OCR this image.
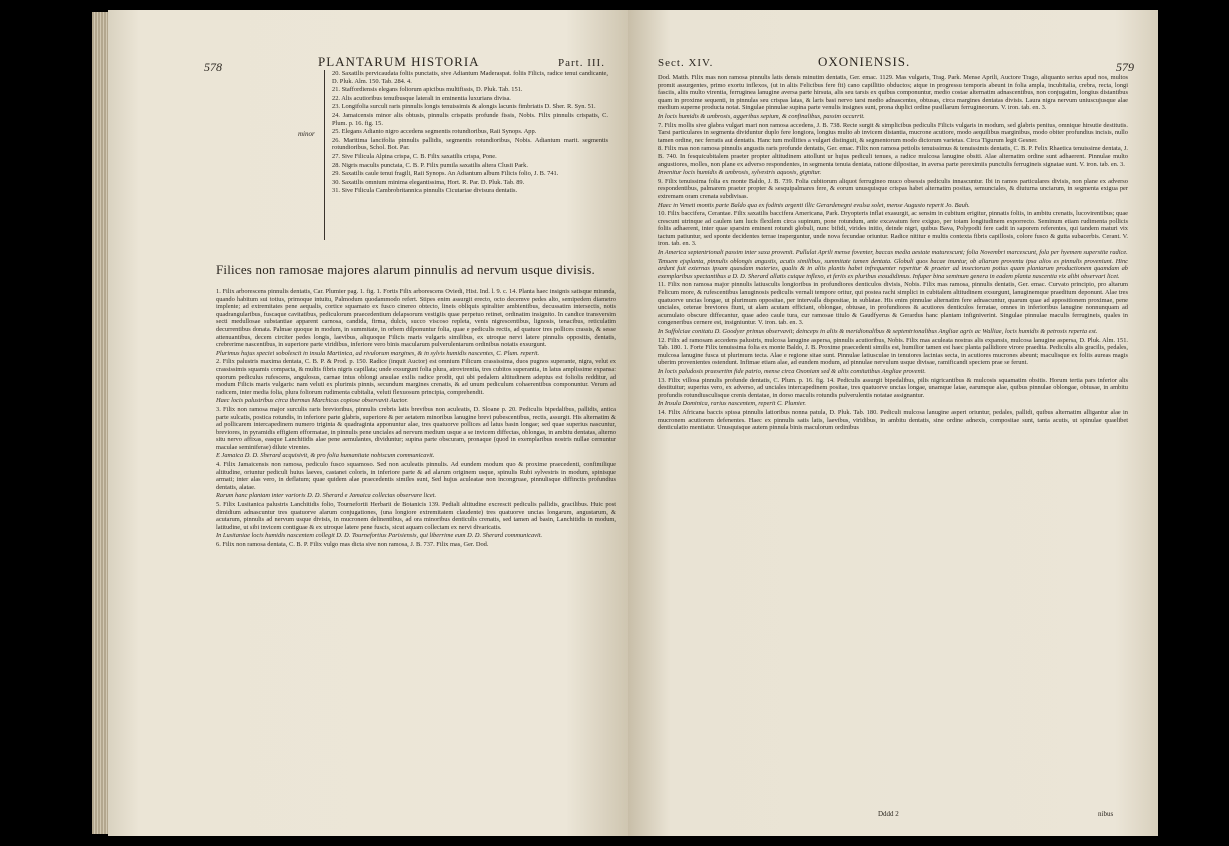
578	PLANTARUM HISTORIA	Part. III.
minor
20. Saxatilis pervicaudata foliis punctatis, sive Adiantum Maderaspat. foliis Filicis, radice tenui candicante, D. Pluk. Alm. 150. Tab. 284. 4.
21. Staffordiensis elegans foliorum apicibus multifissis, D. Pluk. Tab. 151.
22. Alis acutioribus tenuibusque laterali in eminentia luxurians divisa.
23. Longifolia surculi raris pinnulis longis tenuissimis & alongis lacunis fimbriatis D. Sher. R. Syn. 51.
24. Jamaicensis minor alis obtusis, pinnulis crispatis profunde fissis, Nobis. Filix pinnulis crispatis, C. Plum. p. 16. fig. 15.
25. Elegans Adianto nigro accedens segmentis rotundioribus, Raii Synops. App.
26. Maritima lancifolia pinnulis pallidis, segmentis rotundioribus, Nobis. Adiantum marit. segmentis rotundioribus, Schol. Bot. Par.
27. Sive Filicula Alpina crispa, C. B. Filix saxatilis crispa, Pone.
28. Nigris maculis punctata, C. B. P. Filix pumila saxatilis altera Clusii Park.
29. Saxatilis caule tenui fragili, Raii Synops. An Adiantum album Filicis folio, J. B. 741.
30. Saxatilis omnium minima elegantissima, Hort. R. Par. D. Pluk. Tab. 89.
31. Sive Filicula Cambrobritannica pinnulis Cicutariae divisura dentatis.
Filices non ramosae majores alarum pinnulis ad nervum usque divisis.

1. Filix arborescens pinnulis dentatis, Car. Plumier pag. 1. fig. 1. Fortis Filix arborescens Oviedi, Hist. Ind. l. 9. c. 14. Planta haec insignis satisque miranda, quando habitum sui totius, primoque intuitu, Palmodum quodammodo refert. Stipes enim assurgit erecto, octo decemve pedes alto, semipedem diametro implente; ad extremitates pene aequalis, cortice squamato ex fusco cinereo obtecto, lineis obliquis spiraliter ambientibus, decussatim intersectis, notis quadrangularibus, fuscaque cavitatibus, pediculorum praecedentium delapsorum vestigiis quae perpetuo retinet, ordinatim insignito. In candice transversim secti medullosae substantiae apparent carnosa, candida, firma, dulcis, succo viscoso repleta, venis nigrescentibus, lignosis, tenacibus, reticulatim decurrentibus donata. Palmae quoque in modum, in summitate, in orbem dilponuntur folia, quae e pediculis rectis, ad quatuor tres pollices crassis, & sesse attenuantibus, decem circiter pedes longis, laevibus, aliquoque Filicis maris vulgaris similibus, ex utroque nervi latere pinnulis oppositis, dentatis, crebrerime nascentibus, in superiore parte viridibus, inferiore vero binis macularum pulverulentarum ordinibus notatis exsurgunt.

Plurimus hujus speciei sobolescit in insula Martinica, ad rivulorum margines, & in sylvis humidis nascentes, C. Plum. reperit.

2. Filix palustris maxima dentata, C. B. P. & Prod. p. 150. Radice (inquit Auctor) est omnium Filicum crassissima, duos pugnos superante, nigra, velut ex crassissimis squamis compacta, & multis fibris nigris capillata; unde exsurgunt folia plura, atrovirentia, tres cubitos superantia, in latus amplissime expansa: quorum pediculus rufescens, angulosus, carnae intus oblongi ansulae exilis radice prodit, qui ubi pedalem altitudinem adeptus est foliolis redditur, ad modum Filicis maris vulgaris: nam veluti ex plurimis pinnis, secundum margines crenatis, & ad unum pediculum cohaerentibus componuntur. Verum ad radicem, inter media folia, plura foliorum rudimenta cubitalia, veluti flexuosum principia, comprehendit.

Haec locis palustribus circa thermas Marchicas copiose observavit Auctor.

3. Filix non ramosa major surculis raris brevioribus, pinnulis crebris latis brevibus non aculeatis, D. Sloane p. 20. Pediculis bipedalibus, pallidis, antica parte sulcatis, postica rotundis, in inferiore parte glabris, superiore & per aetatem minoribus lanugine brevi pubescentibus, rectis, assurgit. His alternatim & ad pollicarem intercapedinem numero triginta & quadraginta apponuntur alae, tres quatuorve pollices ad latus basin longae; sed quae superius nascuntur, breviores, in pyramidis effigiem efformatae, in pinnulis pene unciales ad nervum medium usque a se invicem diffectas, oblongas, in ambitu dentatas, alterno situ nervo affixas, easque Lanchitidis alae pene aemulantes, dividuntur; supina parte obscuram, pronaque (quod in exemplaribus nostris nullae cernuntur maculae seminiferae) dilute virentes.

E Jamaica D. D. Sherard acquisivit, & pro folia humanitate nobiscum communicavit.

4. Filix Jamaicensis non ramosa, pediculo fusco squamoso. Sed non aculeatis pinnulis. Ad eundem modum quo & proxime praecedenti, confimilique altitudine, oriuntur pediculi huius laeves, castanei coloris, in inferiore parte & ad alarum originem usque, spinulis Rubi sylvestris in modum, spinisque armati; inter alas vero, in deflatum; quae quidem alae praecedentis similes sunt, Sed hujus aculeatae non incongruae, pinnulisque diffinctis profundius dentatis, alatae.

Rarum hanc plantam inter varioris D. D. Sherard e Jamaica collectas observare licet.

5. Filix Lusitanica palustris Lanchitidis folio, Tournefortii Herbarii de Botanicis 139. Pediali altitudine excrescit pediculis pallidis, gracilibus. Huic post dimidium adnascuntur tres quatuorve alarum conjugationes, (una longiore extremitatem claudente) tres quatuorve uncias longarum, angustarum, & acutarum, pinnulis ad nervum usque divisis, in mucronem delinentibus, ad ora minoribus denticulis crenatis, sed tamen ad basin, Lanchitidis in modum, latitudine, ut sibi invicem contiguae & ex utroque latere pene fuscis, sicut aquam collectam ex nervi divaricatis.

In Lusitaniae locis humidis nascentem collegit D. D. Tournefortius Parisiensis, qui liberrime eum D. D. Sherard communicavit.

6. Filix non ramosa dentata, C. B. P. Filix vulgo mas dicta sive non ramosa, J. B. 737. Filix mas, Ger. Dod.

Sect. XIV.	OXONIENSIS.	579

Dod. Matth. Filix mas non ramosa pinnulis latis densis minutim dentatis, Ger. emac. 1129. Mas vulgaris, Trag. Park. Mense Aprili, Auctore Trago, aliquanto serius apud nos, multos promit assurgentes, primo exortu inflexos, (ut in aliis Felicibus fere fit) cano capillitio obductos; atque in progressu temporis abeunt in folia ampla, incubitalia, crebra, recta, longi fasciis, aliis multo virentia, ferruginea lanugine aversa parte hirsuta, alis seu tarsis ex quibus componuntur, medio costae alternatim adnascentibus, non conjugatim, longius distantibus quam in proxime sequenti, in pinnulas seu crispas latas, & laris basi nervo tarsi medio adnascentes, obtusas, circa margines dentatas divisis. Laura nigra nervum uniuscujusque alae medium superne producta notat. Singulae pinnulae supina parte venulis insignes sunt, prona duplici ordine pusillarum ferrugineorum. V. iron. tab. en. 3.

In locis humidis & umbrosis, aggeribus sepium, & confinalibus, passim occurrit.

7. Filix mollis sive glabra vulgari mari non ramosa accedens, J. B. 738. Recte surgit & simplicibus pediculis Filicis vulgaris in modum, sed glabris penitus, omnique hirsutie destitutis. Tarsi particulares in segmenta dividuntur duplo fere longiora, longius multo ab invicem distantia, mucrone acutiore, modo aequilibus marginibus, modo obiter profundius incisis, nullo tamen ordine, nec ferratis aut dentatis. Hanc tum mollities a vulgari distinguit, & segmentorum modo dictorum varietas. Circa Tigurum legit Gesner.

8. Filix mas non ramosa pinnulis angustis raris profunde dentatis, Ger. emac. Filix non ramosa petiolis tenuissimus & tenuissimis dentatis, C. B. P. Felix Rhaetica tenuissime dentata, J. B. 740. In fesquicubitalem praeter propter altitudinem attollunt ur hujus pediculi tenues, a radice mulcosa lanugine obsiti. Alae alternatim ordine sunt adhaerent. Pinnulae multo angustiores, molles, non plane ex adverso respondentes, in segmenta tenuia dentata, ratione dilpositae, in aversa parte pereximiis punctulis ferrugineis signatae sunt. V. iron. tab. en. 3.

Invenitur locis humidis & umbrosis, sylvestris aquosis, gignitur.

9. Filix tenuissima folia ex monte Baldo, J. B. 739. Folia cubitorum aliquot ferrugineo muco obsessis pediculis innascuntur. Ibi in ramos particulares divisis, non plane ex adverso respondentibus, palmarem praeter propter & sesquipalmares fere, & eorum unusquisque crispas habet alternatim positas, semunciales, & diuturna unciarum, in segmenta exigua per extremam oram crenata subdivisas.

Haec in Veneti montis parte Baldo qua ex fodinis argenti illic Gerardenegni evulsa solet, mense Augusto reperit Jo. Bauh.

10. Filix baccifera, Cerantae. Filix saxatilis baccifera Americana, Park. Dryopteris inflat exasurgit, ac sensim in cubitum erigitur, pinnatis foliis, in ambitu crenatis, lucovirentibus; quae crescunt utrinque ad caulem tam lucis flexilem circa supinum, pone rotundum, ante excavatum fere exiguo, per totam longitudinem exporrecto. Seminum etiam rudimenta pollicis foliis adhaerent, inter quae sparsim eminent rotundi globuli, nunc bifidi, virides initio, deinde nigri, quibus Bava, Polypodii fere cadit in saporem referentes, qui tandem maturi vix tactum patiuntur, sed sponte decidentes terrae insperguntur, unde nova fecundae oriuntur. Radice nititur e multis contexta fibris capillosis, colore fusco & gutta subacerbis. Cerant. V. iron. tab. en. 3.

In America septentrionali passim inter saxa provenit. Pullulat Aprili mense foventer, baccas media aestate maturescunt; folia Novembri marcescunt, fola per hyemem superstite radice.

Tenuem ejsplanta, pinnulis oblongis angustis, acutis similibus, summitate tamen dentata. Globuli quos bacae inuntur, ob aliarum proventu ipsa alios es pinnulis proveniunt. Hinc ardunt fuit externas ipsam quasdam materies, qualis & in aliis plantis habet infrequenter reperitur & praeter ad insectorum potius quam plantarum productionem quamdam ab exemplaribus spectantibus a D. D. Sherard allatis cuique inflexo, et feriis ex pluribus exsudidimus. Infuper bina seminum genera in eadem planta nascentia vix alibi observari licet.

11. Filix non ramosa major pinnulis latiusculis longioribus in profundiores denticulos divisis, Nobis. Filix mas ramosa, pinnulis dentatis, Ger. emac. Curvato principio, pro altarum Felicum more, & rufescentibus lanuginosis pediculis vernali tempore oritur, qui postea rachi simplici in cubitalem altitudinem exsurgunt, lanuginemque praeditum deponunt. Alae tres quatuorve uncias longae, ut plurimum oppositae, per intervalla dispositae, in sublatae. His enim pinnulae alternatim fere adnascuntur, quarum quae ad appositionem proximae, pene unciales, ceterae breviores fiunt, ut alam acutam efficiant, oblongae, obtusae, in profundiores & acutiores denticulos ferratae, omnes in inferioribus lanugine nonnunquam ad acumulato obscure diffecantur, quae adeo caule tura, cur ramosae titulo & Gaudfyerus & Gerardus hanc plantam infigniverint. Singulae pinnulae maculis ferrugineis, quales in congeneribus cernere est, insigniuntur. V. iron. tab. en. 3.

In Suffolciae conitatu D. Goodyer primus observavit; deinceps in aliis & meridionalibus & septentrionalibus Angliae agris ac Walliae, locis humidis & petrosis reperta est.

12. Filix ad ramosam accedens palustris, mulcosa lanugine aspersa, pinnulis acutioribus, Nobis. Filix mas aculeata nostras alis expansis, mulcosa lanugine aspersa, D. Pluk. Alm. 151. Tab. 180. 1. Forte Filix tenuissima folia ex monte Baldo, J. B. Proxime praecedenti similis est, humilior tamen est haec planta pallidiore virore praedita. Pediculis alis gracilis, pedales, mulcosa lanugine fusca ut plurimum tecta. Alae e regione sitae sunt. Pinnulae latiusculae in tenuiores lacinias secta, in acutiores mucrones abeunt; maculisque ex foliis aureas magis uberim provenientes ostendunt. Infimae etiam alae, ad eundem modum, ad pinnulae nervulum usque divisae, ramificandi speciem prae se ferunt.

In locis paludosis praesertim fide patrio, mense circa Oxoniam sed & aliis comitatibus Angliae provenit.

13. Filix villosa pinnulis profunde dentatis, C. Plum. p. 16. fig. 14. Pediculis assurgit bipedalibus, pilis nigricantibus & mulcosis squamatim obsitis. Horum tertia pars inferior alis destituitur; superius vero, ex adverso, ad unciales intercapedinem positae, tres quatuorve uncias longae, unamque latae, earumque alae, quibus pinnulae oblongae, obtusae, in ambitu profundis rotundiusculisque crenis dentatae, in dorso maculis rotundis pulverulentis notatae assignantur.

In Insula Dominica, rarius nascentem, reperit C. Plumier.

14. Filix Africana baccis spissa pinnulis latioribus nonna patula, D. Pluk. Tab. 180. Pediculi mulcosa lanugine asperi oriuntur, pedales, pallidi, quibus alternatim alligantur alae in mucronem acutiorem defenentes. Haec ex pinnulis satis latis, laevibus, viridibus, in ambitu dentatis, sine ordine adnexis, compositae sunt, tanta acutis, ut spinulae quaelibet denticulatio mentiatur. Unusquisque autem pinnula binis maculorum ordinibus

Dddd 2	nibus
